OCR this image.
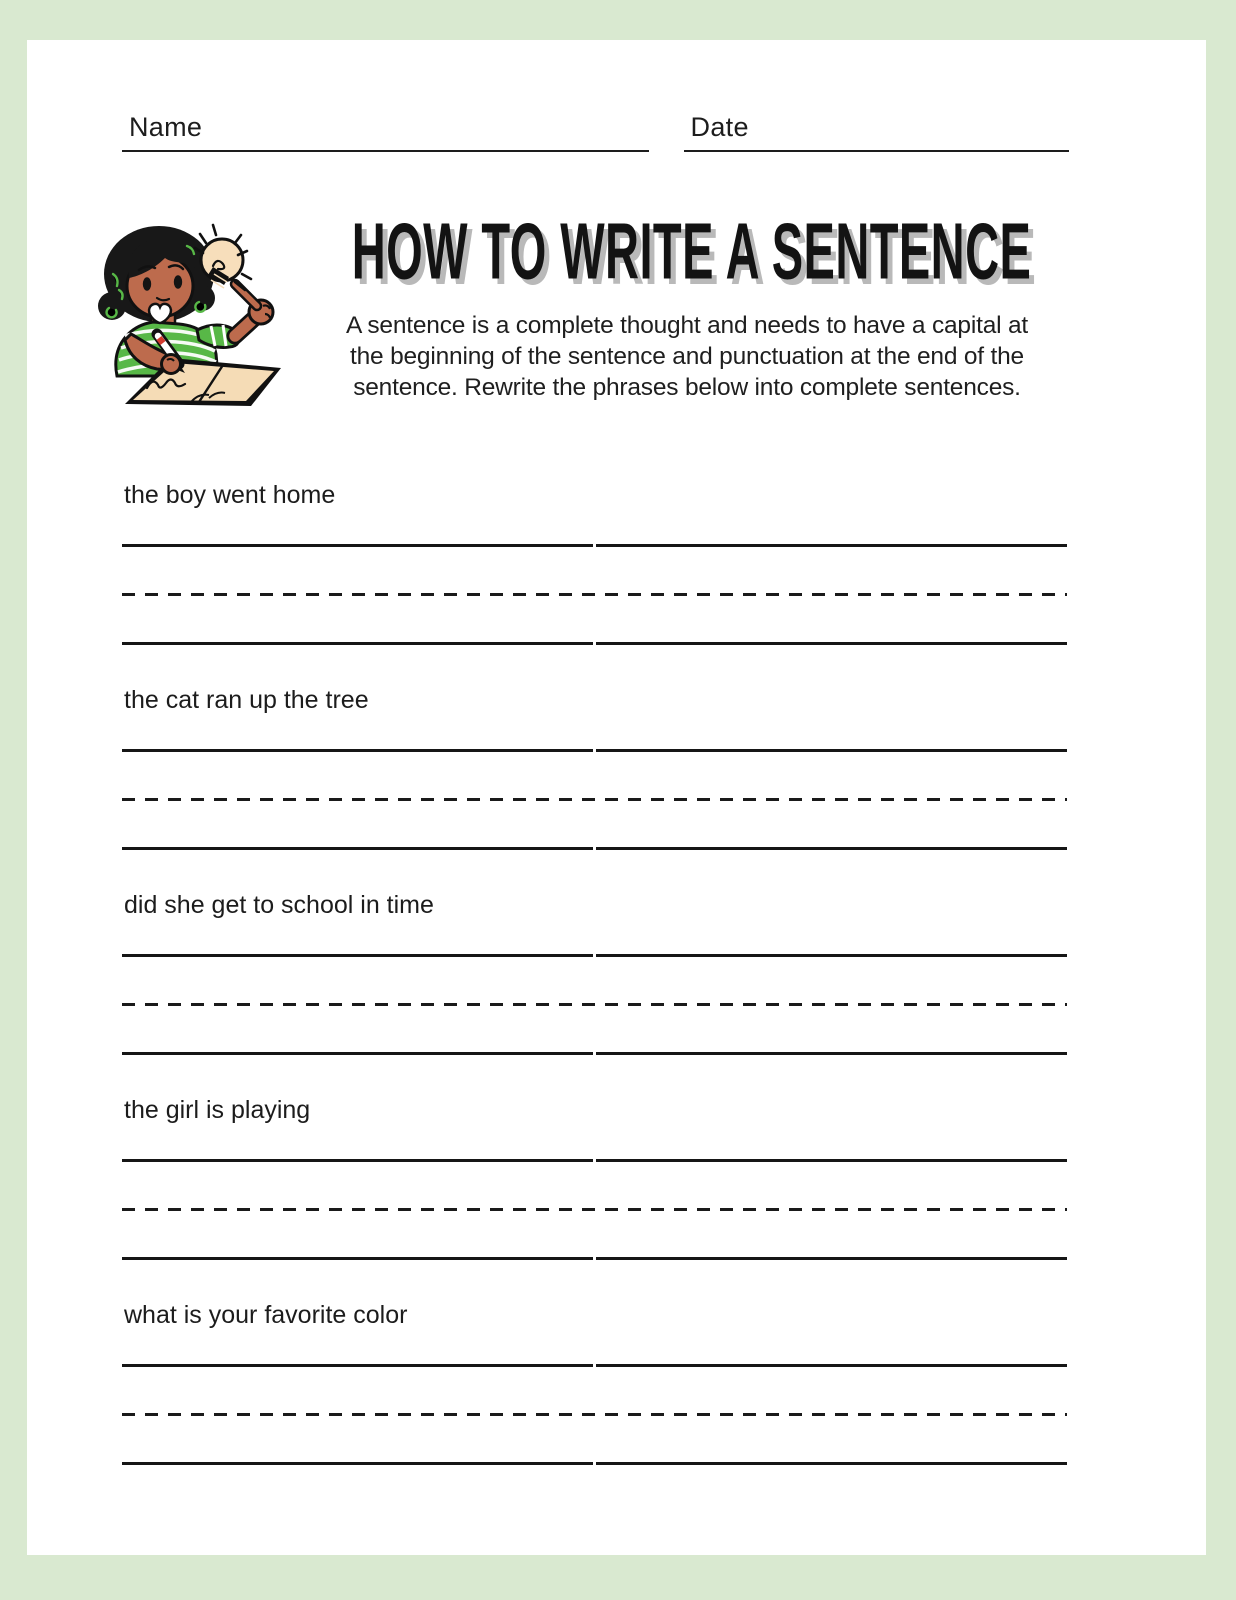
Name	Date
HOW TO WRITE A SENTENCE
A sentence is a complete thought and needs to have a capital at
the beginning of the sentence and punctuation at the end of the
sentence. Rewrite the phrases below into complete sentences.
the boy went home
the cat ran up the tree
did she get to school in time
the girl is playing
what is your favorite color
